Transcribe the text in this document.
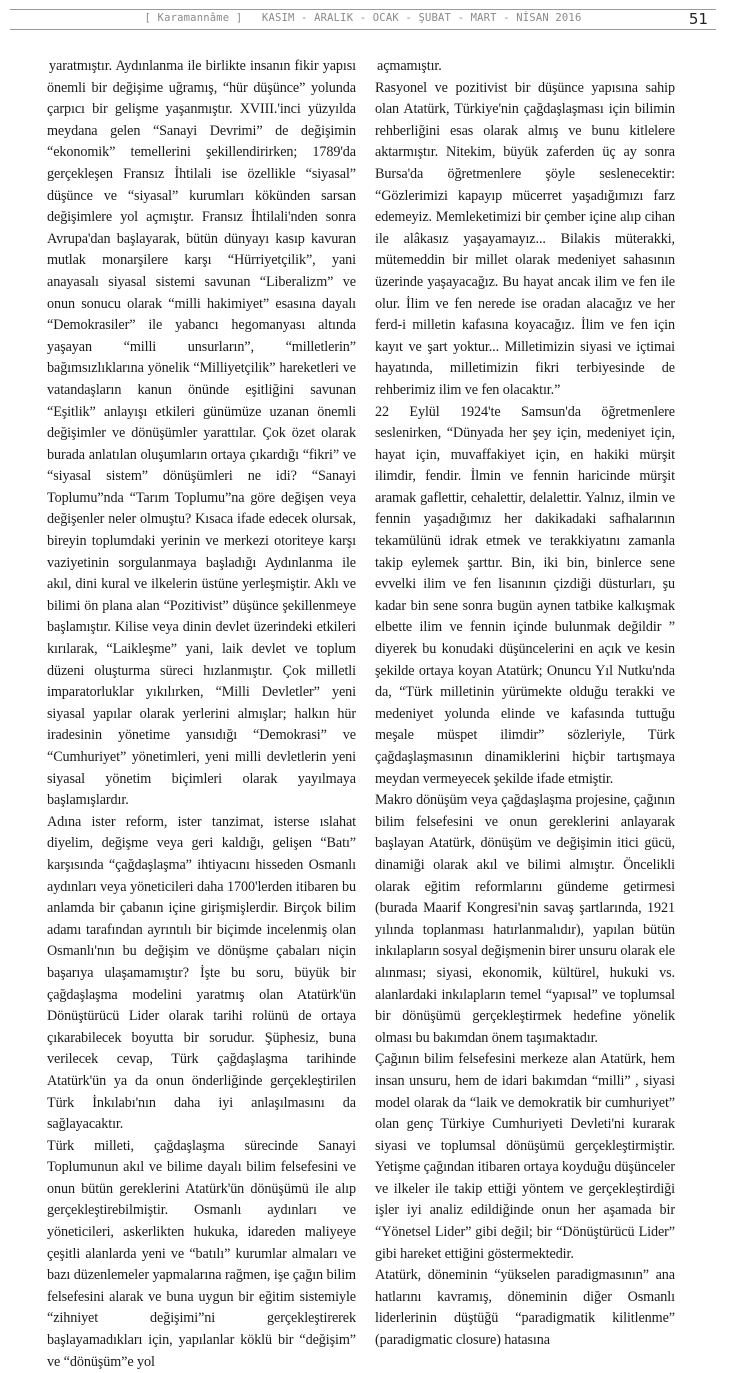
[ Karamannâme ] KASIM - ARALIK - OCAK - ŞUBAT - MART - NİSAN 2016	51

yaratmıştır. Aydınlanma ile birlikte insanın fikir yapısı önemli bir değişime uğramış, “hür düşünce” yolunda çarpıcı bir gelişme yaşanmıştır. XVIII.'inci yüzyılda meydana gelen “Sanayi Devrimi” de değişimin “ekonomik” temellerini şekillendirirken; 1789'da gerçekleşen Fransız İhtilali ise özellikle “siyasal” düşünce ve “siyasal” kurumları kökünden sarsan değişimlere yol açmıştır. Fransız İhtilali'nden sonra Avrupa'dan başlayarak, bütün dünyayı kasıp kavuran mutlak monarşilere karşı “Hürriyetçilik”, yani anayasalı siyasal sistemi savunan “Liberalizm” ve onun sonucu olarak “milli hakimiyet” esasına dayalı “Demokrasiler” ile yabancı hegomanyası altında yaşayan “milli unsurların”, “milletlerin” bağımsızlıklarına yönelik “Milliyetçilik” hareketleri ve vatandaşların kanun önünde eşitliğini savunan “Eşitlik” anlayışı etkileri günümüze uzanan önemli değişimler ve dönüşümler yarattılar. Çok özet olarak burada anlatılan oluşumların ortaya çıkardığı “fikri” ve “siyasal sistem” dönüşümleri ne idi? “Sanayi Toplumu”nda “Tarım Toplumu”na göre değişen veya değişenler neler olmuştu? Kısaca ifade edecek olursak, bireyin toplumdaki yerinin ve merkezi otoriteye karşı vaziyetinin sorgulanmaya başladığı Aydınlanma ile akıl, dini kural ve ilkelerin üstüne yerleşmiştir. Aklı ve bilimi ön plana alan “Pozitivist” düşünce şekillenmeye başlamıştır. Kilise veya dinin devlet üzerindeki etkileri kırılarak, “Laikleşme” yani, laik devlet ve toplum düzeni oluşturma süreci hızlanmıştır. Çok milletli imparatorluklar yıkılırken, “Milli Devletler” yeni siyasal yapılar olarak yerlerini almışlar; halkın hür iradesinin yönetime yansıdığı “Demokrasi” ve “Cumhuriyet” yönetimleri, yeni milli devletlerin yeni siyasal yönetim biçimleri olarak yayılmaya başlamışlardır.

Adına ister reform, ister tanzimat, isterse ıslahat diyelim, değişme veya geri kaldığı, gelişen “Batı” karşısında “çağdaşlaşma” ihtiyacını hisseden Osmanlı aydınları veya yöneticileri daha 1700'lerden itibaren bu anlamda bir çabanın içine girişmişlerdir. Birçok bilim adamı tarafından ayrıntılı bir biçimde incelenmiş olan Osmanlı'nın bu değişim ve dönüşme çabaları niçin başarıya ulaşamamıştır? İşte bu soru, büyük bir çağdaşlaşma modelini yaratmış olan Atatürk'ün Dönüştürücü Lider olarak tarihi rolünü de ortaya çıkarabilecek boyutta bir sorudur. Şüphesiz, buna verilecek cevap, Türk çağdaşlaşma tarihinde Atatürk'ün ya da onun önderliğinde gerçekleştirilen Türk İnkılabı'nın daha iyi anlaşılmasını da sağlayacaktır.

Türk milleti, çağdaşlaşma sürecinde Sanayi Toplumunun akıl ve bilime dayalı bilim felsefesini ve onun bütün gereklerini Atatürk'ün dönüşümü ile alıp gerçekleştirebilmiştir. Osmanlı aydınları ve yöneticileri, askerlikten hukuka, idareden maliyeye çeşitli alanlarda yeni ve “batılı” kurumlar almaları ve bazı düzenlemeler yapmalarına rağmen, işe çağın bilim felsefesini alarak ve buna uygun bir eğitim sistemiyle “zihniyet değişimi”ni gerçekleştirerek başlayamadıkları için, yapılanlar köklü bir “değişim” ve “dönüşüm”e yol

açmamıştır.

Rasyonel ve pozitivist bir düşünce yapısına sahip olan Atatürk, Türkiye'nin çağdaşlaşması için bilimin rehberliğini esas olarak almış ve bunu kitlelere aktarmıştır. Nitekim, büyük zaferden üç ay sonra Bursa'da öğretmenlere şöyle seslenecektir: “Gözlerimizi kapayıp mücerret yaşadığımızı farz edemeyiz. Memleketimizi bir çember içine alıp cihan ile alâkasız yaşayamayız... Bilakis müterakki, mütemeddin bir millet olarak medeniyet sahasının üzerinde yaşayacağız. Bu hayat ancak ilim ve fen ile olur. İlim ve fen nerede ise oradan alacağız ve her ferd-i milletin kafasına koyacağız. İlim ve fen için kayıt ve şart yoktur... Milletimizin siyasi ve içtimai hayatında, milletimizin fikri terbiyesinde de rehberimiz ilim ve fen olacaktır.”

22 Eylül 1924'te Samsun'da öğretmenlere seslenirken, “Dünyada her şey için, medeniyet için, hayat için, muvaffakiyet için, en hakiki mürşit ilimdir, fendir. İlmin ve fennin haricinde mürşit aramak gaflettir, cehalettir, delalettir. Yalnız, ilmin ve fennin yaşadığımız her dakikadaki safhalarının tekamülünü idrak etmek ve terakkiyatını zamanla takip eylemek şarttır. Bin, iki bin, binlerce sene evvelki ilim ve fen lisanının çizdiği düsturları, şu kadar bin sene sonra bugün aynen tatbike kalkışmak elbette ilim ve fennin içinde bulunmak değildir ” diyerek bu konudaki düşüncelerini en açık ve kesin şekilde ortaya koyan Atatürk; Onuncu Yıl Nutku'nda da, “Türk milletinin yürümekte olduğu terakki ve medeniyet yolunda elinde ve kafasında tuttuğu meşale müspet ilimdir” sözleriyle, Türk çağdaşlaşmasının dinamiklerini hiçbir tartışmaya meydan vermeyecek şekilde ifade etmiştir.

Makro dönüşüm veya çağdaşlaşma projesine, çağının bilim felsefesini ve onun gereklerini anlayarak başlayan Atatürk, dönüşüm ve değişimin itici gücü, dinamiği olarak akıl ve bilimi almıştır. Öncelikli olarak eğitim reformlarını gündeme getirmesi (burada Maarif Kongresi'nin savaş şartlarında, 1921 yılında toplanması hatırlanmalıdır), yapılan bütün inkılapların sosyal değişmenin birer unsuru olarak ele alınması; siyasi, ekonomik, kültürel, hukuki vs. alanlardaki inkılapların temel “yapısal” ve toplumsal bir dönüşümü gerçekleştirmek hedefine yönelik olması bu bakımdan önem taşımaktadır.

Çağının bilim felsefesini merkeze alan Atatürk, hem insan unsuru, hem de idari bakımdan “milli” , siyasi model olarak da “laik ve demokratik bir cumhuriyet” olan genç Türkiye Cumhuriyeti Devleti'ni kurarak siyasi ve toplumsal dönüşümü gerçekleştirmiştir. Yetişme çağından itibaren ortaya koyduğu düşünceler ve ilkeler ile takip ettiği yöntem ve gerçekleştirdiği işler iyi analiz edildiğinde onun her aşamada bir “Yönetsel Lider” gibi değil; bir “Dönüştürücü Lider” gibi hareket ettiğini göstermektedir.

Atatürk, döneminin “yükselen paradigmasının” ana hatlarını kavramış, döneminin diğer Osmanlı liderlerinin düştüğü “paradigmatik kilitlenme” (paradigmatic closure) hatasına
